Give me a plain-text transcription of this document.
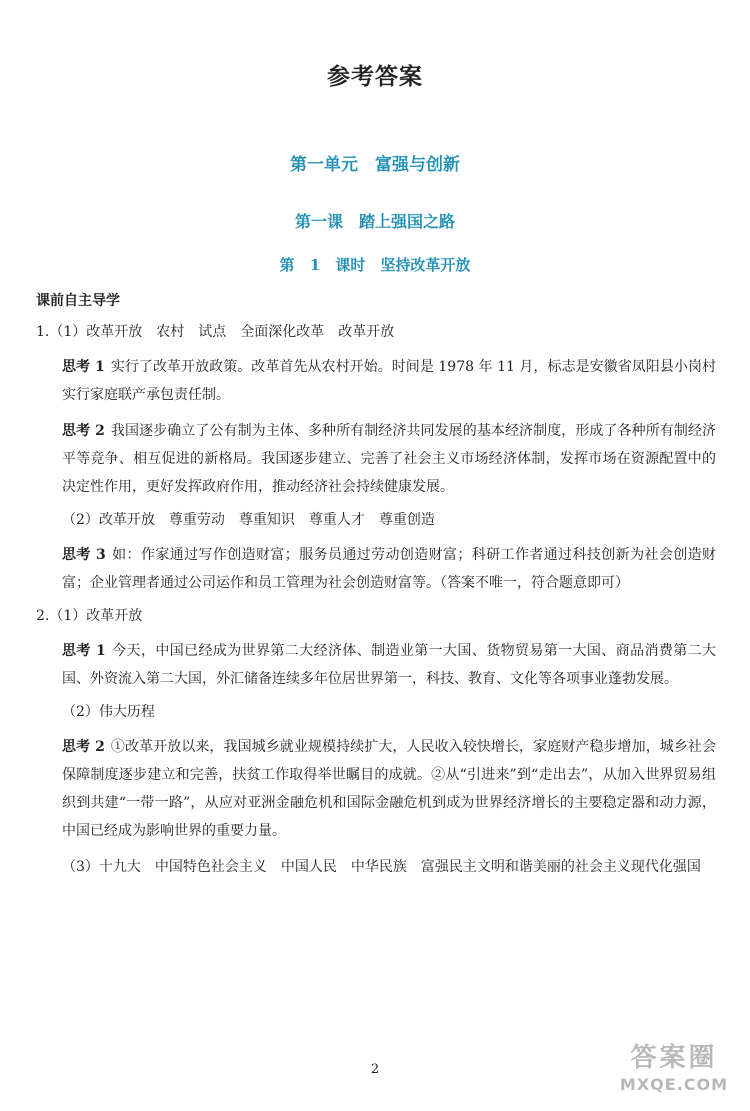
参考答案
第一单元　富强与创新
第一课　踏上强国之路
第 1 课时　坚持改革开放
课前自主导学
1.（1）改革开放　农村　试点　全面深化改革　改革开放
思考 1 实行了改革开放政策。改革首先从农村开始。时间是 1978 年 11 月，标志是安徽省凤阳县小岗村实行家庭联产承包责任制。
思考 2 我国逐步确立了公有制为主体、多种所有制经济共同发展的基本经济制度，形成了各种所有制经济平等竞争、相互促进的新格局。我国逐步建立、完善了社会主义市场经济体制，发挥市场在资源配置中的决定性作用，更好发挥政府作用，推动经济社会持续健康发展。
（2）改革开放　尊重劳动　尊重知识　尊重人才　尊重创造
思考 3 如：作家通过写作创造财富；服务员通过劳动创造财富；科研工作者通过科技创新为社会创造财富；企业管理者通过公司运作和员工管理为社会创造财富等。（答案不唯一，符合题意即可）
2.（1）改革开放
思考 1 今天，中国已经成为世界第二大经济体、制造业第一大国、货物贸易第一大国、商品消费第二大国、外资流入第二大国，外汇储备连续多年位居世界第一，科技、教育、文化等各项事业蓬勃发展。
（2）伟大历程
思考 2 ①改革开放以来，我国城乡就业规模持续扩大，人民收入较快增长，家庭财产稳步增加，城乡社会保障制度逐步建立和完善，扶贫工作取得举世瞩目的成就。②从“引进来”到“走出去”，从加入世界贸易组织到共建“一带一路”，从应对亚洲金融危机和国际金融危机到成为世界经济增长的主要稳定器和动力源，中国已经成为影响世界的重要力量。
（3）十九大　中国特色社会主义　中国人民　中华民族　富强民主文明和谐美丽的社会主义现代化强国
2	答案圈
MXQE.COM
